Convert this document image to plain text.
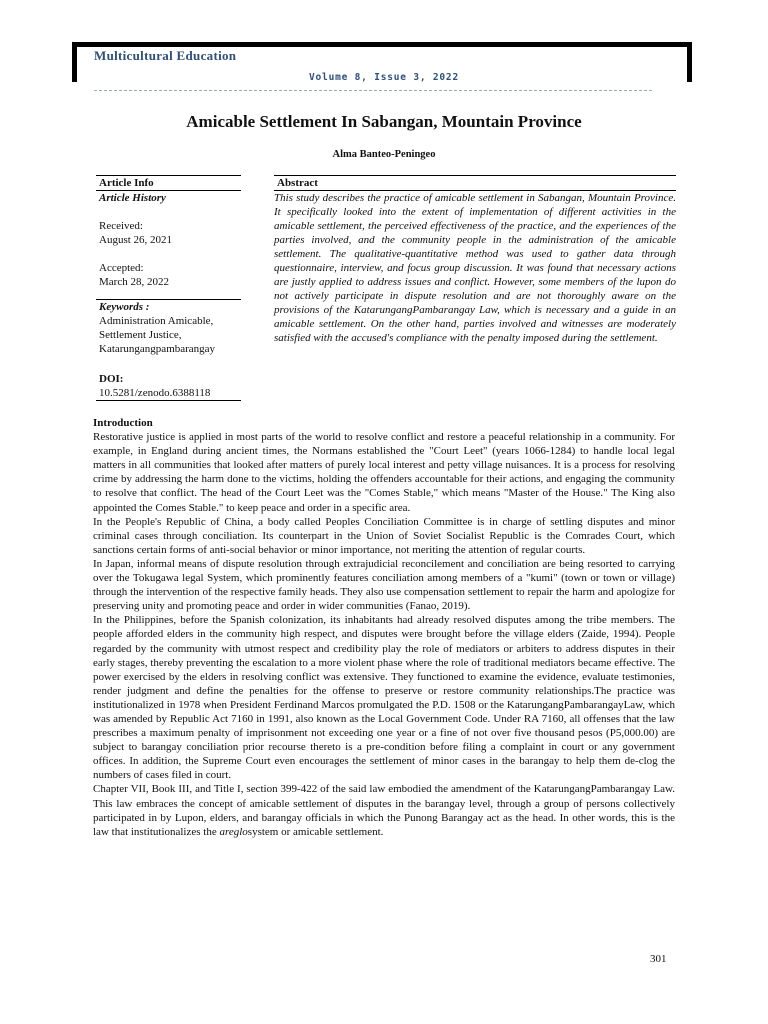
Multicultural Education
Volume 8, Issue 3, 2022
Amicable Settlement In Sabangan, Mountain Province
Alma Banteo-Peningeo
Article Info
Article History
Received:
August 26, 2021
Accepted:
March 28, 2022
Keywords :
Administration Amicable,
Settlement Justice,
Katarungangpambarangay
DOI:
10.5281/zenodo.6388118
Abstract

This study describes the practice of amicable settlement in Sabangan, Mountain Province. It specifically looked into the extent of implementation of different activities in the amicable settlement, the perceived effectiveness of the practice, and the experiences of the parties involved, and the community people in the administration of the amicable settlement. The qualitative-quantitative method was used to gather data through questionnaire, interview, and focus group discussion. It was found that necessary actions are justly applied to address issues and conflict. However, some members of the lupon do not actively participate in dispute resolution and are not thoroughly aware on the provisions of the KatarungangPambarangay Law, which is necessary and a guide in an amicable settlement. On the other hand, parties involved and witnesses are moderately satisfied with the accused's compliance with the penalty imposed during the settlement.

Introduction

Restorative justice is applied in most parts of the world to resolve conflict and restore a peaceful relationship in a community. For example, in England during ancient times, the Normans established the "Court Leet" (years 1066-1284) to handle local legal matters in all communities that looked after matters of purely local interest and petty village nuisances. It is a process for resolving crime by addressing the harm done to the victims, holding the offenders accountable for their actions, and engaging the community to resolve that conflict. The head of the Court Leet was the "Comes Stable," which means "Master of the House." The King also appointed the Comes Stable." to keep peace and order in a specific area.

In the People's Republic of China, a body called Peoples Conciliation Committee is in charge of settling disputes and minor criminal cases through conciliation. Its counterpart in the Union of Soviet Socialist Republic is the Comrades Court, which sanctions certain forms of anti-social behavior or minor importance, not meriting the attention of regular courts.

In Japan, informal means of dispute resolution through extrajudicial reconcilement and conciliation are being resorted to carrying over the Tokugawa legal System, which prominently features conciliation among members of a "kumi" (town or town or village) through the intervention of the respective family heads. They also use compensation settlement to repair the harm and apologize for preserving unity and promoting peace and order in wider communities (Fanao, 2019).

In the Philippines, before the Spanish colonization, its inhabitants had already resolved disputes among the tribe members. The people afforded elders in the community high respect, and disputes were brought before the village elders (Zaide, 1994). People regarded by the community with utmost respect and credibility play the role of mediators or arbiters to address disputes in their early stages, thereby preventing the escalation to a more violent phase where the role of traditional mediators became effective. The power exercised by the elders in resolving conflict was extensive. They functioned to examine the evidence, evaluate testimonies, render judgment and define the penalties for the offense to preserve or restore community relationships.The practice was institutionalized in 1978 when President Ferdinand Marcos promulgated the P.D. 1508 or the KatarungangPambarangayLaw, which was amended by Republic Act 7160 in 1991, also known as the Local Government Code. Under RA 7160, all offenses that the law prescribes a maximum penalty of imprisonment not exceeding one year or a fine of not over five thousand pesos (P5,000.00) are subject to barangay conciliation prior recourse thereto is a pre-condition before filing a complaint in court or any government offices. In addition, the Supreme Court even encourages the settlement of minor cases in the barangay to help them de-clog the numbers of cases filed in court.

Chapter VII, Book III, and Title I, section 399-422 of the said law embodied the amendment of the KatarungangPambarangay Law. This law embraces the concept of amicable settlement of disputes in the barangay level, through a group of persons collectively participated in by Lupon, elders, and barangay officials in which the Punong Barangay act as the head. In other words, this is the law that institutionalizes the areglosystem or amicable settlement.

301
